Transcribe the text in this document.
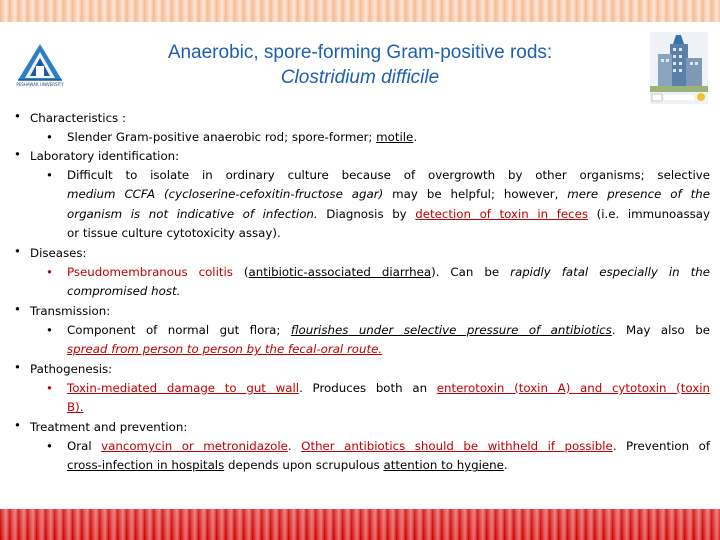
PESHAWAR UNIVERSITY
Anaerobic, spore-forming Gram-positive rods:
Clostridium difficile
• Characteristics :
•	Slender Gram-positive anaerobic rod; spore-former; motile.
• Laboratory identification:
•	Difficult to isolate in ordinary culture because of overgrowth by other organisms; selective
medium CCFA (cycloserine-cefoxitin-fructose agar) may be helpful; however, mere presence of the
organism is not indicative of infection. Diagnosis by detection of toxin in feces (i.e. immunoassay
or tissue culture cytotoxicity assay).
• Diseases:
•	Pseudomembranous colitis (antibiotic-associated diarrhea). Can be rapidly fatal especially in the
compromised host.
• Transmission:
•	Component of normal gut flora; flourishes under selective pressure of antibiotics. May also be
spread from person to person by the fecal-oral route.
• Pathogenesis:
•	Toxin-mediated damage to gut wall. Produces both an enterotoxin (toxin A) and cytotoxin (toxin
B).
• Treatment and prevention:
•	Oral vancomycin or metronidazole. Other antibiotics should be withheld if possible. Prevention of
cross-infection in hospitals depends upon scrupulous attention to hygiene.
